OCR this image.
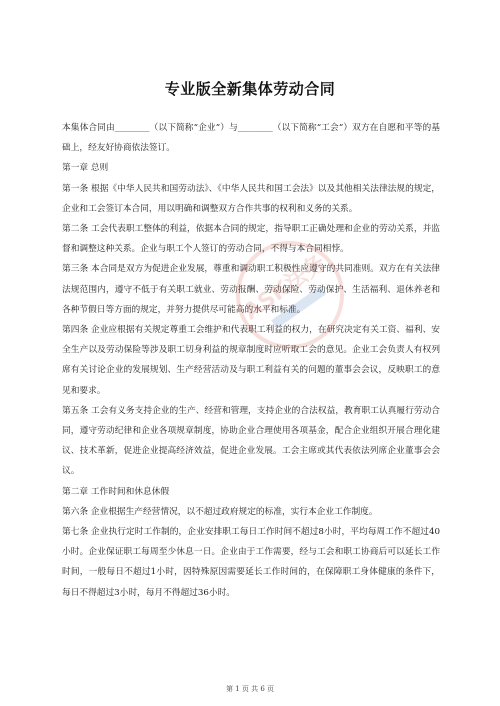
专业版全新集体劳动合同

本集体合同由________（以下简称“企业”）与________（以下简称“工会”）双方在自愿和平等的基础上，经友好协商依法签订。

第一章 总则

第一条 根据《中华人民共和国劳动法》、《中华人民共和国工会法》以及其他相关法律法规的规定，企业和工会签订本合同，用以明确和调整双方合作共事的权利和义务的关系。

第二条 工会代表职工整体的利益，依据本合同的规定，指导职工正确处理和企业的劳动关系，并监督和调整这种关系。企业与职工个人签订的劳动合同，不得与本合同相悖。

第三条 本合同是双方为促进企业发展，尊重和调动职工积极性应遵守的共同准则。双方在有关法律法规范围内，遵守不低于有关职工就业、劳动报酬、劳动保险、劳动保护、生活福利、退休养老和各种节假日等方面的规定，并努力提供尽可能高的水平和标准。

第四条 企业应根据有关规定尊重工会维护和代表职工利益的权力，在研究决定有关工资、福利、安全生产以及劳动保险等涉及职工切身利益的规章制度时应听取工会的意见。企业工会负责人有权列席有关讨论企业的发展规划、生产经营活动及与职工利益有关的问题的董事会会议，反映职工的意见和要求。

第五条 工会有义务支持企业的生产、经营和管理，支持企业的合法权益，教育职工认真履行劳动合同，遵守劳动纪律和企业各项规章制度，协助企业合理使用各项基金，配合企业组织开展合理化建议、技术革新，促进企业提高经济效益，促进企业发展。工会主席或其代表依法列席企业董事会会议。

第二章 工作时间和休息休假

第六条 企业根据生产经营情况，以不超过政府规定的标准，实行本企业工作制度。

第七条 企业执行定时工作制的，企业安排职工每日工作时间不超过8小时，平均每周工作不超过40小时。企业保证职工每周至少休息一日。企业由于工作需要，经与工会和职工协商后可以延长工作时间，一般每日不超过1小时，因特殊原因需要延长工作时间的，在保障职工身体健康的条件下，每日不得超过3小时，每月不得超过36小时。

ASK法务
第 1 页 共 6 页
